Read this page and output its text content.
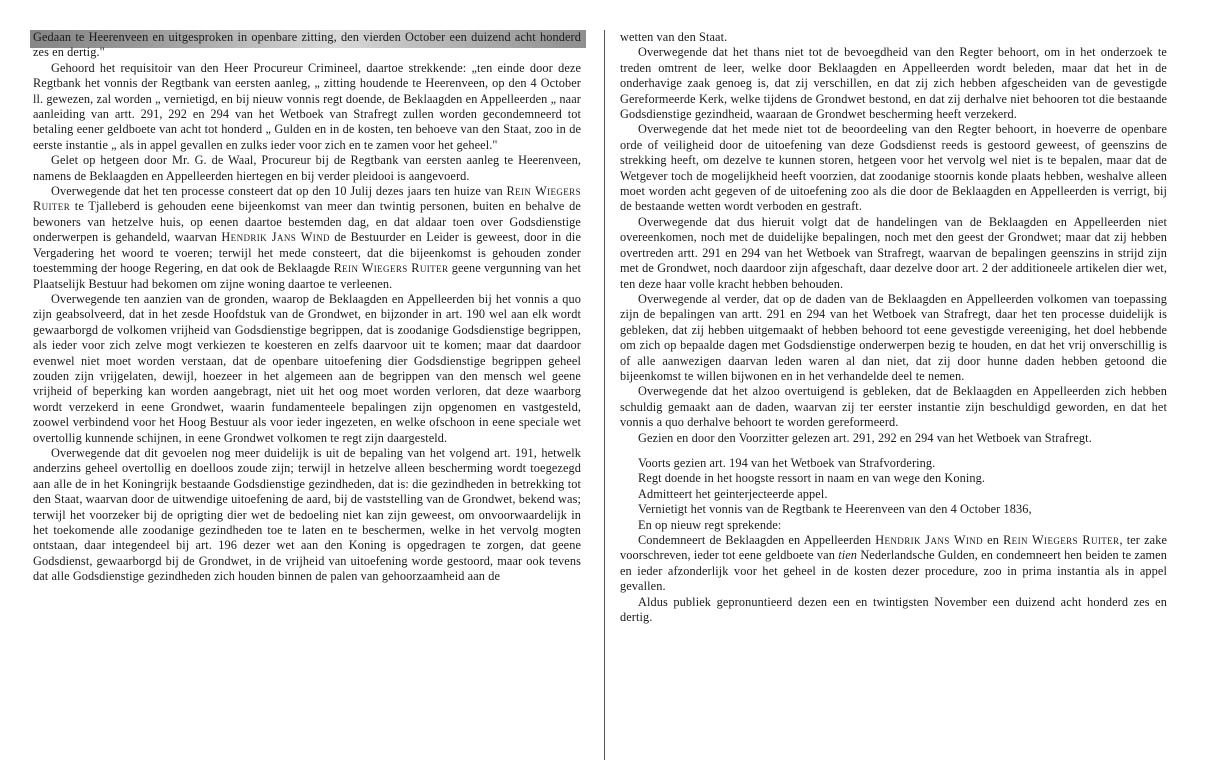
Gedaan te Heerenveen en uitgesproken in openbare zitting, den vierden October een duizend acht honderd zes en dertig."

Gehoord het requisitoir van den Heer Procureur Crimineel, daartoe strekkende: „ten einde door deze Regtbank het vonnis der Regtbank van eersten aanleg, „ zitting houdende te Heerenveen, op den 4 October ll. gewezen, zal worden „ vernietigd, en bij nieuw vonnis regt doende, de Beklaagden en Appelleerden „ naar aanleiding van artt. 291, 292 en 294 van het Wetboek van Strafregt zullen worden gecondemneerd tot betaling eener geldboete van acht tot honderd „ Gulden en in de kosten, ten behoeve van den Staat, zoo in de eerste instantie „ als in appel gevallen en zulks ieder voor zich en te zamen voor het geheel."

Gelet op hetgeen door Mr. G. de Waal, Procureur bij de Regtbank van eersten aanleg te Heerenveen, namens de Beklaagden en Appelleerden hiertegen en bij verder pleidooi is aangevoerd.

Overwegende dat het ten processe consteert dat op den 10 Julij dezes jaars ten huize van Rein Wiegers Ruiter te Tjalleberd is gehouden eene bijeenkomst van meer dan twintig personen, buiten en behalve de bewoners van hetzelve huis, op eenen daartoe bestemden dag, en dat aldaar toen over Godsdienstige onderwerpen is gehandeld, waarvan Hendrik Jans Wind de Bestuurder en Leider is geweest, door in die Vergadering het woord te voeren; terwijl het mede consteert, dat die bijeenkomst is gehouden zonder toestemming der hooge Regering, en dat ook de Beklaagde Rein Wiegers Ruiter geene vergunning van het Plaatselijk Bestuur had bekomen om zijne woning daartoe te verleenen.

Overwegende ten aanzien van de gronden, waarop de Beklaagden en Appelleerden bij het vonnis a quo zijn geabsolveerd, dat in het zesde Hoofdstuk van de Grondwet, en bijzonder in art. 190 wel aan elk wordt gewaarborgd de volkomen vrijheid van Godsdienstige begrippen, dat is zoodanige Godsdienstige begrippen, als ieder voor zich zelve mogt verkiezen te koesteren en zelfs daarvoor uit te komen; maar dat daardoor evenwel niet moet worden verstaan, dat de openbare uitoefening dier Godsdienstige begrippen geheel zouden zijn vrijgelaten, dewijl, hoezeer in het algemeen aan de begrippen van den mensch wel geene vrijheid of beperking kan worden aangebragt, niet uit het oog moet worden verloren, dat deze waarborg wordt verzekerd in eene Grondwet, waarin fundamenteele bepalingen zijn opgenomen en vastgesteld, zoowel verbindend voor het Hoog Bestuur als voor ieder ingezeten, en welke ofschoon in eene speciale wet overtollig kunnende schijnen, in eene Grondwet volkomen te regt zijn daargesteld.

Overwegende dat dit gevoelen nog meer duidelijk is uit de bepaling van het volgend art. 191, hetwelk anderzins geheel overtollig en doelloos zoude zijn; terwijl in hetzelve alleen bescherming wordt toegezegd aan alle de in het Koningrijk bestaande Godsdienstige gezindheden, dat is: die gezindheden in betrekking tot den Staat, waarvan door de uitwendige uitoefening de aard, bij de vaststelling van de Grondwet, bekend was; terwijl het voorzeker bij de oprigting dier wet de bedoeling niet kan zijn geweest, om onvoorwaardelijk in het toekomende alle zoodanige gezindheden toe te laten en te beschermen, welke in het vervolg mogten ontstaan, daar integendeel bij art. 196 dezer wet aan den Koning is opgedragen te zorgen, dat geene Godsdienst, gewaarborgd bij de Grondwet, in de vrijheid van uitoefening worde gestoord, maar ook tevens dat alle Godsdienstige gezindheden zich houden binnen de palen van gehoorzaamheid aan de

wetten van den Staat.

Overwegende dat het thans niet tot de bevoegdheid van den Regter behoort, om in het onderzoek te treden omtrent de leer, welke door Beklaagden en Appelleerden wordt beleden, maar dat het in de onderhavige zaak genoeg is, dat zij verschillen, en dat zij zich hebben afgescheiden van de gevestigde Gereformeerde Kerk, welke tijdens de Grondwet bestond, en dat zij derhalve niet behooren tot die bestaande Godsdienstige gezindheid, waaraan de Grondwet bescherming heeft verzekerd.

Overwegende dat het mede niet tot de beoordeeling van den Regter behoort, in hoeverre de openbare orde of veiligheid door de uitoefening van deze Godsdienst reeds is gestoord geweest, of geenszins de strekking heeft, om dezelve te kunnen storen, hetgeen voor het vervolg wel niet is te bepalen, maar dat de Wetgever toch de mogelijkheid heeft voorzien, dat zoodanige stoornis konde plaats hebben, weshalve alleen moet worden acht gegeven of de uitoefening zoo als die door de Beklaagden en Appelleerden is verrigt, bij de bestaande wetten wordt verboden en gestraft.

Overwegende dat dus hieruit volgt dat de handelingen van de Beklaagden en Appelleerden niet overeenkomen, noch met de duidelijke bepalingen, noch met den geest der Grondwet; maar dat zij hebben overtreden artt. 291 en 294 van het Wetboek van Strafregt, waarvan de bepalingen geenszins in strijd zijn met de Grondwet, noch daardoor zijn afgeschaft, daar dezelve door art. 2 der additioneele artikelen dier wet, ten deze haar volle kracht hebben behouden.

Overwegende al verder, dat op de daden van de Beklaagden en Appelleerden volkomen van toepassing zijn de bepalingen van artt. 291 en 294 van het Wetboek van Strafregt, daar het ten processe duidelijk is gebleken, dat zij hebben uitgemaakt of hebben behoord tot eene gevestigde vereeniging, het doel hebbende om zich op bepaalde dagen met Godsdienstige onderwerpen bezig te houden, en dat het vrij onverschillig is of alle aanwezigen daarvan leden waren al dan niet, dat zij door hunne daden hebben getoond die bijeenkomst te willen bijwonen en in het verhandelde deel te nemen.

Overwegende dat het alzoo overtuigend is gebleken, dat de Beklaagden en Appelleerden zich hebben schuldig gemaakt aan de daden, waarvan zij ter eerster instantie zijn beschuldigd geworden, en dat het vonnis a quo derhalve behoort te worden gereformeerd.

Gezien en door den Voorzitter gelezen art. 291, 292 en 294 van het Wetboek van Strafregt.

Voorts gezien art. 194 van het Wetboek van Strafvordering.

Regt doende in het hoogste ressort in naam en van wege den Koning.

Admitteert het geinterjecteerde appel.

Vernietigt het vonnis van de Regtbank te Heerenveen van den 4 October 1836,

En op nieuw regt sprekende:

Condemneert de Beklaagden en Appelleerden Hendrik Jans Wind en Rein Wiegers Ruiter, ter zake voorschreven, ieder tot eene geldboete van tien Nederlandsche Gulden, en condemneert hen beiden te zamen en ieder afzonderlijk voor het geheel in de kosten dezer procedure, zoo in prima instantia als in appel gevallen.

Aldus publiek gepronuntieerd dezen een en twintigsten November een duizend acht honderd zes en dertig.
